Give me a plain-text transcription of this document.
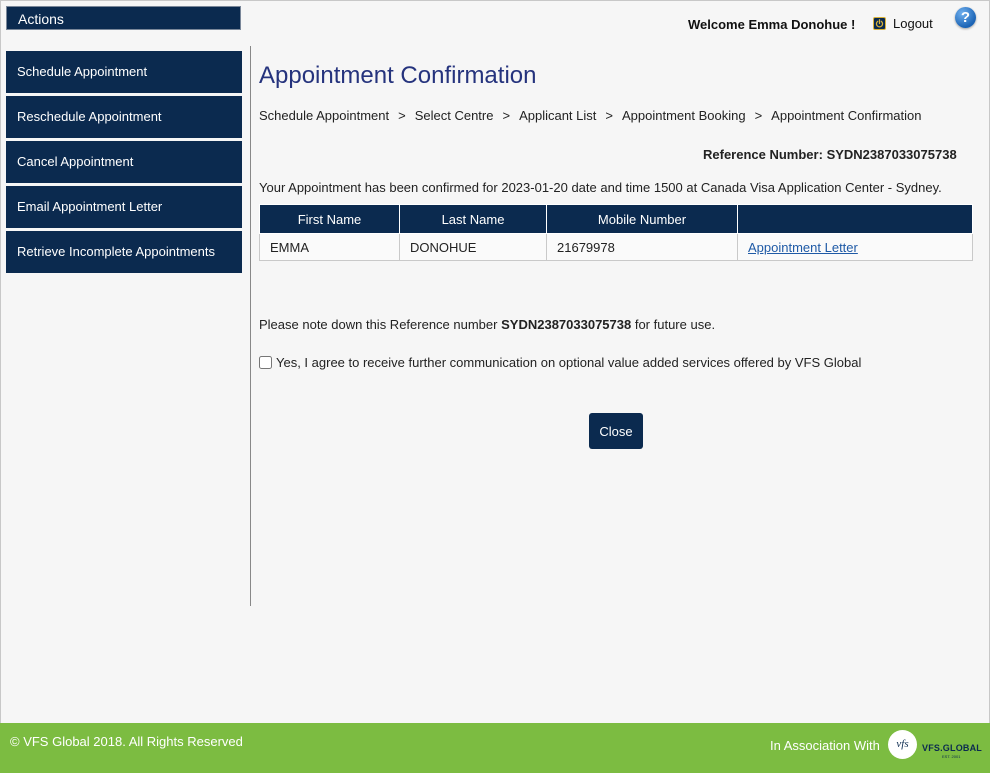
Actions
Schedule Appointment
Reschedule Appointment
Cancel Appointment
Email Appointment Letter
Retrieve Incomplete Appointments
Welcome Emma Donohue !	Logout	?
Appointment Confirmation
Schedule Appointment > Select Centre > Applicant List > Appointment Booking > Appointment Confirmation
Reference Number: SYDN2387033075738
Your Appointment has been confirmed for 2023-01-20 date and time 1500 at Canada Visa Application Center - Sydney.
First Name	Last Name	Mobile Number	
EMMA	DONOHUE	21679978	Appointment Letter
Please note down this Reference number SYDN2387033075738 for future use.
Yes, I agree to receive further communication on optional value added services offered by VFS Global
Close
© VFS Global 2018. All Rights Reserved	In Association With	vfs	VFS.GLOBAL
EST. 2001
